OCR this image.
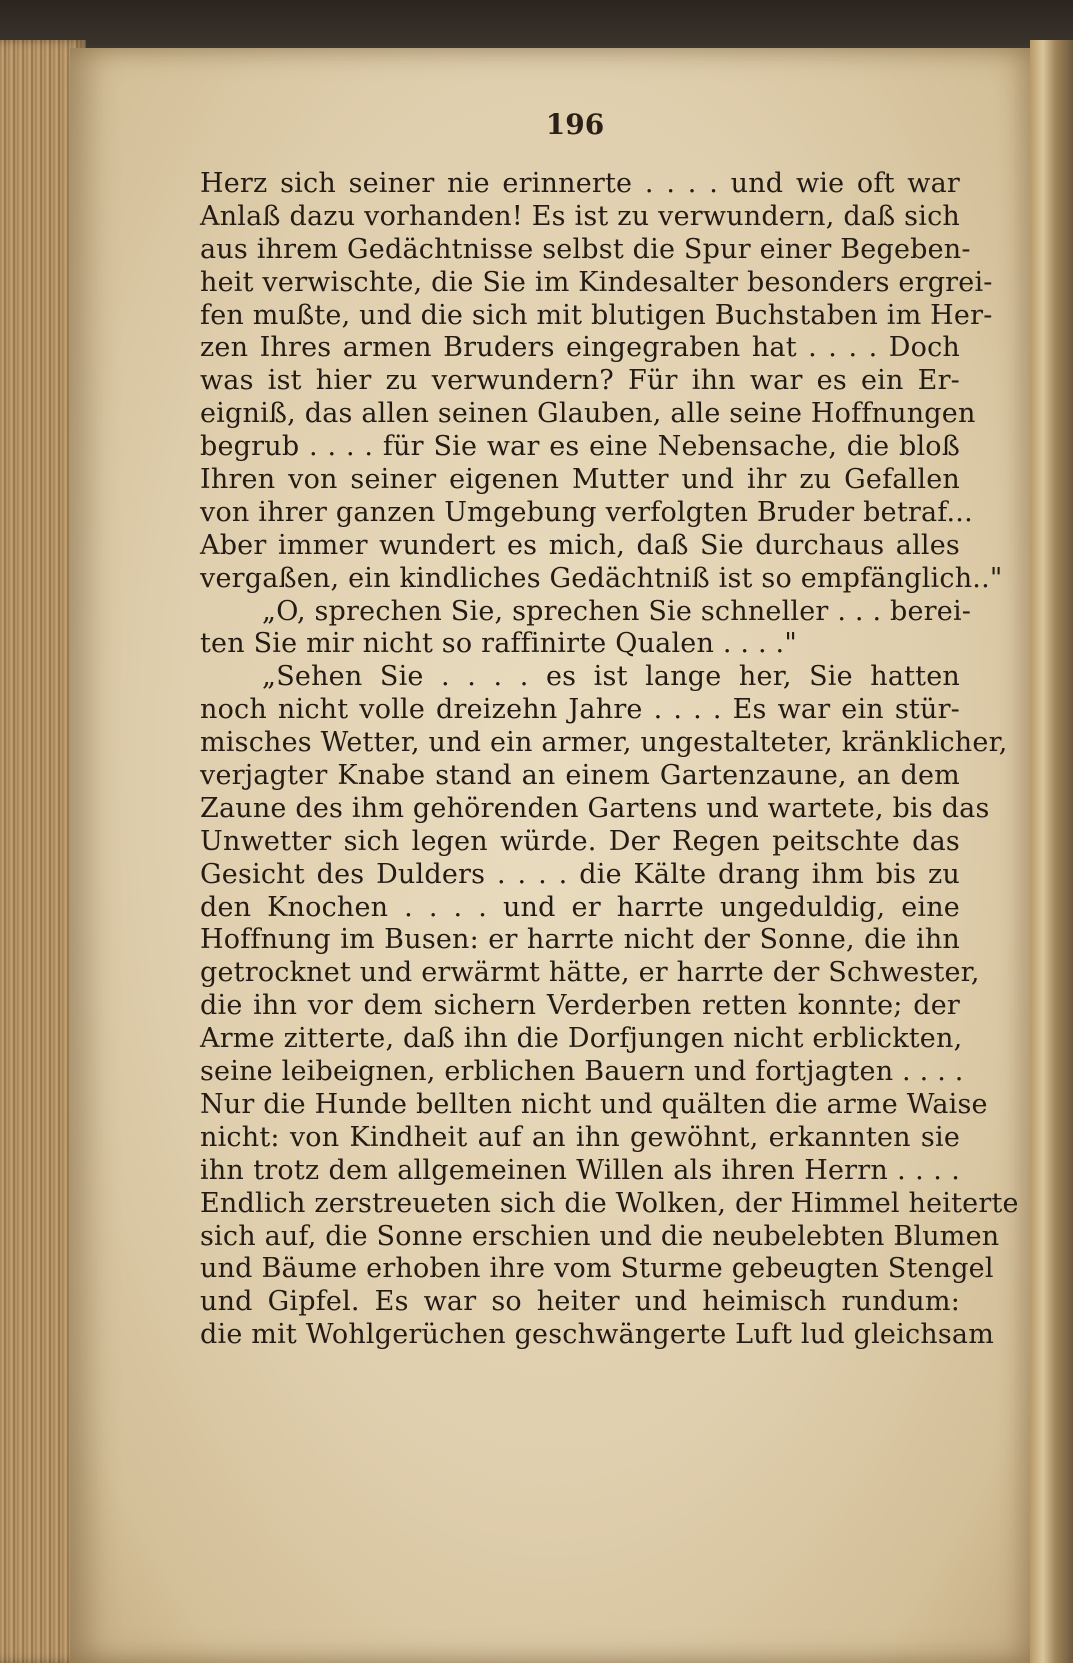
196
Herz sich seiner nie erinnerte . . . . und wie oft war
Anlaß dazu vorhanden! Es ist zu verwundern, daß sich
aus ihrem Gedächtnisse selbst die Spur einer Begeben-
heit verwischte, die Sie im Kindesalter besonders ergrei-
fen mußte, und die sich mit blutigen Buchstaben im Her-
zen Ihres armen Bruders eingegraben hat . . . . Doch
was ist hier zu verwundern? Für ihn war es ein Er-
eigniß, das allen seinen Glauben, alle seine Hoffnungen
begrub . . . . für Sie war es eine Nebensache, die bloß
Ihren von seiner eigenen Mutter und ihr zu Gefallen
von ihrer ganzen Umgebung verfolgten Bruder betraf...
Aber immer wundert es mich, daß Sie durchaus alles
vergaßen, ein kindliches Gedächtniß ist so empfänglich.."
„O, sprechen Sie, sprechen Sie schneller . . . berei-
ten Sie mir nicht so raffinirte Qualen . . . ."
„Sehen Sie . . . . es ist lange her, Sie hatten
noch nicht volle dreizehn Jahre . . . . Es war ein stür-
misches Wetter, und ein armer, ungestalteter, kränklicher,
verjagter Knabe stand an einem Gartenzaune, an dem
Zaune des ihm gehörenden Gartens und wartete, bis das
Unwetter sich legen würde. Der Regen peitschte das
Gesicht des Dulders . . . . die Kälte drang ihm bis zu
den Knochen . . . . und er harrte ungeduldig, eine
Hoffnung im Busen: er harrte nicht der Sonne, die ihn
getrocknet und erwärmt hätte, er harrte der Schwester,
die ihn vor dem sichern Verderben retten konnte; der
Arme zitterte, daß ihn die Dorfjungen nicht erblickten,
seine leibeignen, erblichen Bauern und fortjagten . . . .
Nur die Hunde bellten nicht und quälten die arme Waise
nicht: von Kindheit auf an ihn gewöhnt, erkannten sie
ihn trotz dem allgemeinen Willen als ihren Herrn . . . .
Endlich zerstreueten sich die Wolken, der Himmel heiterte
sich auf, die Sonne erschien und die neubelebten Blumen
und Bäume erhoben ihre vom Sturme gebeugten Stengel
und Gipfel. Es war so heiter und heimisch rundum:
die mit Wohlgerüchen geschwängerte Luft lud gleichsam
